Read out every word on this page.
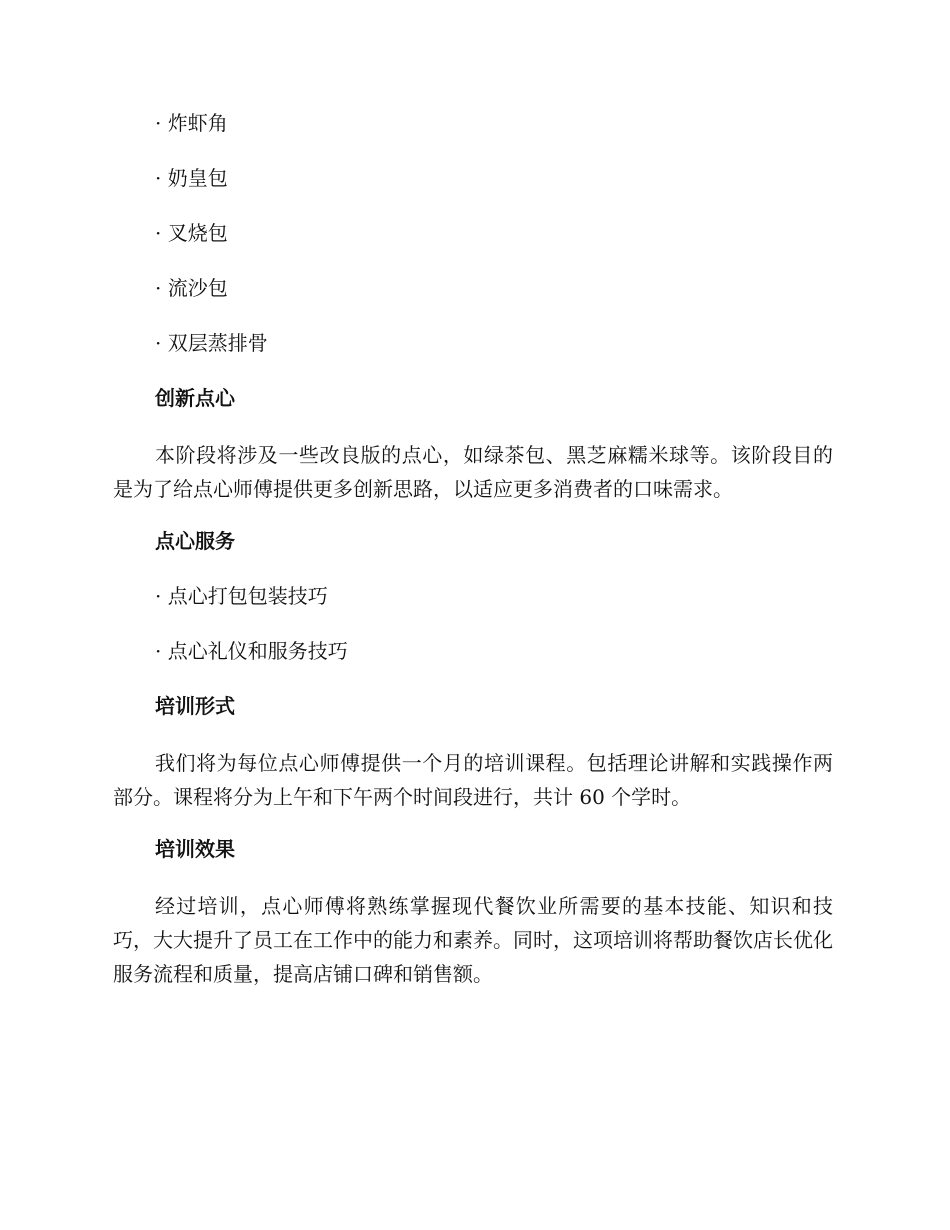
· 炸虾角
· 奶皇包
· 叉烧包
· 流沙包
· 双层蒸排骨
创新点心

本阶段将涉及一些改良版的点心，如绿茶包、黑芝麻糯米球等。该阶段目的是为了给点心师傅提供更多创新思路，以适应更多消费者的口味需求。

点心服务
· 点心打包包装技巧
· 点心礼仪和服务技巧
培训形式

我们将为每位点心师傅提供一个月的培训课程。包括理论讲解和实践操作两部分。课程将分为上午和下午两个时间段进行，共计 60 个学时。

培训效果

经过培训，点心师傅将熟练掌握现代餐饮业所需要的基本技能、知识和技巧，大大提升了员工在工作中的能力和素养。同时，这项培训将帮助餐饮店长优化服务流程和质量，提高店铺口碑和销售额。
